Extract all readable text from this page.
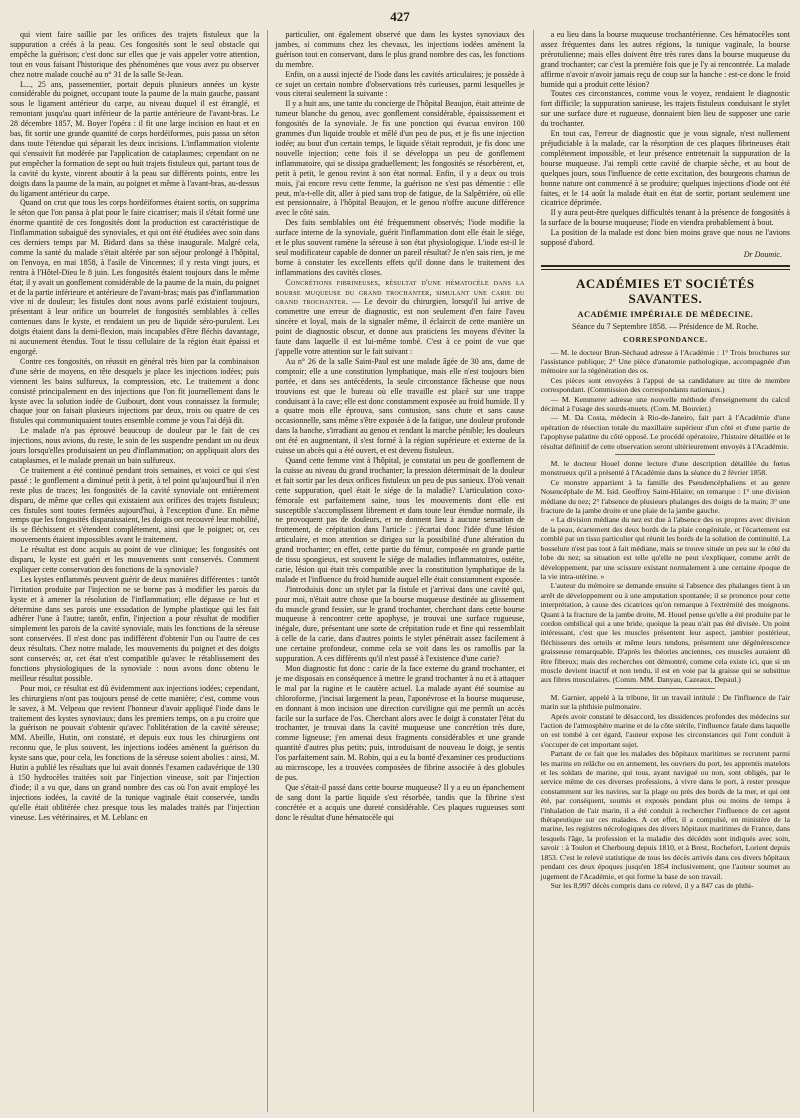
427

qui vient faire saillie par les orifices des trajets fistuleux que la suppuration a créés à la peau. Ces fongosités sont le seul obstacle qui empêche la guérison; c'est donc sur elles que je vais appeler votre attention, tout en vous faisant l'historique des phénomènes que vous avez pu observer chez notre malade couché au n° 31 de la salle St-Jean.

L..., 25 ans, passementier, portait depuis plusieurs années un kyste considérable du poignet, occupant toute la paume de la main gauche, passant sous le ligament antérieur du carpe, au niveau duquel il est étranglé, et remontant jusqu'au quart inférieur de la partie antérieure de l'avant-bras. Le 28 décembre 1857, M. Boyer l'opéra : il fit une large incision en haut et en bas, fit sortir une grande quantité de corps hordéiformes, puis passa un séton dans toute l'étendue qui séparait les deux incisions. L'inflammation violente qui s'ensuivit fut modérée par l'application de cataplasmes; cependant on ne put empêcher la formation de sept ou huit trajets fistuleux qui, partant tous de la cavité du kyste, vinrent aboutir à la peau sur différents points, entre les doigts dans la paume de la main, au poignet et même à l'avant-bras, au-dessus du ligament antérieur du carpe.

Quand on crut que tous les corps hordéiformes étaient sortis, on supprima le séton que l'on pansa à plat pour le faire cicatriser; mais il s'était formé une énorme quantité de ces fongosités dont la production est caractéristique de l'inflammation subaiguë des synoviales, et qui ont été étudiées avec soin dans ces derniers temps par M. Bidard dans sa thèse inaugurale. Malgré cela, comme la santé du malade s'était altérée par son séjour prolongé à l'hôpital, on l'envoya, en mai 1858, à l'asile de Vincennes; il y resta vingt jours, et rentra à l'Hôtel-Dieu le 8 juin. Les fongosités étaient toujours dans le même état; il y avait un gonflement considérable de la paume de la main, du poignet et de la partie inférieure et antérieure de l'avant-bras; mais pas d'inflammation vive ni de douleur; les fistules dont nous avons parlé existaient toujours, présentant à leur orifice un bourrelet de fongosités semblables à celles contenues dans le kyste, et rendaient un peu de liquide séro-purulent. Les doigts étaient dans la demi-flexion, mais incapables d'être fléchis davantage, ni aucunement étendus. Tout le tissu cellulaire de la région était épaissi et engorgé.

Contre ces fongosités, on réussit en général très bien par la combinaison d'une série de moyens, en tête desquels je place les injections iodées; puis viennent les bains sulfureux, la compression, etc. Le traitement a donc consisté principalement en des injections que l'on fit journellement dans le kyste avec la solution iodée de Guibourt, dont vous connaissez la formule; chaque jour on faisait plusieurs injections par deux, trois ou quatre de ces fistules qui communiquaient toutes ensemble comme je vous l'ai déjà dit.

Le malade n'a pas éprouvé beaucoup de douleur par le fait de ces injections, nous avions, du reste, le soin de les suspendre pendant un ou deux jours lorsqu'elles produisaient un peu d'inflammation; on appliquait alors des cataplasmes, et le malade prenait un bain sulfureux.

Ce traitement a été continué pendant trois semaines, et voici ce qui s'est passé : le gonflement a diminué petit à petit, à tel point qu'aujourd'hui il n'en reste plus de traces; les fongosités de la cavité synoviale ont entièrement disparu, de même que celles qui existaient aux orifices des trajets fistuleux; ces fistules sont toutes fermées aujourd'hui, à l'exception d'une. En même temps que les fongosités disparaissaient, les doigts ont recouvré leur mobilité, ils se fléchissent et s'étendent complétement, ainsi que le poignet; or, ces mouvements étaient impossibles avant le traitement.

Le résultat est donc acquis au point de vue clinique; les fongosités ont disparu, le kyste est guéri et les mouvements sont conservés. Comment expliquer cette conservation des fonctions de la synoviale?

Les kystes enflammés peuvent guérir de deux manières différentes : tantôt l'irritation produite par l'injection ne se borne pas à modifier les parois du kyste et à amener la résolution de l'inflammation; elle dépasse ce but et détermine dans ses parois une exsudation de lymphe plastique qui les fait adhérer l'une à l'autre; tantôt, enfin, l'injection a pour résultat de modifier simplement les parois de la cavité synoviale, mais les fonctions de la séreuse sont conservées. Il n'est donc pas indifférent d'obtenir l'un ou l'autre de ces deux résultats. Chez notre malade, les mouvements du poignet et des doigts sont conservés; or, cet état n'est compatible qu'avec le rétablissement des fonctions physiologiques de la synoviale : nous avons donc obtenu le meilleur résultat possible.

Pour moi, ce résultat est dû évidemment aux injections iodées; cependant, les chirurgiens n'ont pas toujours pensé de cette manière; c'est, comme vous le savez, à M. Velpeau que revient l'honneur d'avoir appliqué l'iode dans le traitement des kystes synoviaux; dans les premiers temps, on a pu croire que la guérison ne pouvait s'obtenir qu'avec l'oblitération de la cavité séreuse; MM. Abeille, Hutin, ont constaté, et depuis eux tous les chirurgiens ont reconnu que, le plus souvent, les injections iodées amènent la guérison du kyste sans que, pour cela, les fonctions de la séreuse soient abolies : ainsi, M. Hutin a publié les résultats que lui avait donnés l'examen cadavérique de 130 à 150 hydrocèles traitées soit par l'injection vineuse, soit par l'injection d'iode; il a vu que, dans un grand nombre des cas où l'on avait employé les injections iodées, la cavité de la tunique vaginale était conservée, tandis qu'elle était oblitérée chez presque tous les malades traités par l'injection vineuse. Les vétérinaires, et M. Leblanc en

particulier, ont également observé que dans les kystes synoviaux des jambes, si communs chez les chevaux, les injections iodées amènent la guérison tout en conservant, dans le plus grand nombre des cas, les fonctions du membre.

Enfin, on a aussi injecté de l'iode dans les cavités articulaires; je possède à ce sujet un certain nombre d'observations très curieuses, parmi lesquelles je vous citerai seulement la suivante :

Il y a huit ans, une tante du concierge de l'hôpital Beaujon, était atteinte de tumeur blanche du genou, avec gonflement considérable, épaississement et fongosités de la synoviale. Je fis une ponction qui évacua environ 100 grammes d'un liquide trouble et mêlé d'un peu de pus, et je fis une injection iodée; au bout d'un certain temps, le liquide s'était reproduit, je fis donc une nouvelle injection; cette fois il se développa un peu de gonflement inflammatoire, qui se dissipa graduellement; les fongosités se résorbèrent, et, petit à petit, le genou revint à son état normal. Enfin, il y a deux ou trois mois, j'ai encore revu cette femme, la guérison ne s'est pas démentie : elle peut, m'a-t-elle dit, aller à pied sans trop de fatigue, de la Salpêtrière, où elle est pensionnaire, à l'hôpital Beaujon, et le genou n'offre aucune différence avec le côté sain.

Des faits semblables ont été fréquemment observés; l'iode modifie la surface interne de la synoviale, guérit l'inflammation dont elle était le siége, et le plus souvent ramène la séreuse à son état physiologique. L'iode est-il le seul modificateur capable de donner un pareil résultat? Je n'en sais rien, je me borne à constater les excellents effets qu'il donne dans le traitement des inflammations des cavités closes.

Concrétions fibrineuses, résultat d'une hématocèle dans la bourse muqueuse du grand trochanter, simulant une carie du grand trochanter. — Le devoir du chirurgien, lorsqu'il lui arrive de commettre une erreur de diagnostic, est non seulement d'en faire l'aveu sincère et loyal, mais de la signaler même, il éclaircit de cette manière un point de diagnostic obscur, et donne aux praticiens les moyens d'éviter la faute dans laquelle il est lui-même tombé. C'est à ce point de vue que j'appelle votre attention sur le fait suivant :

Au n° 26 de la salle Saint-Paul est une malade âgée de 30 ans, dame de comptoir; elle a une constitution lymphatique, mais elle n'est toujours bien portée, et dans ses antécédents, la seule circonstance fâcheuse que nous trouvions est que le bureau où elle travaille est placé sur une trappe conduisant à la cave; elle est donc constamment exposée au froid humide. Il y a quatre mois elle éprouva, sans contusion, sans chute et sans cause occasionnelle, sans même s'être exposée à de la fatigue, une douleur profonde dans la hanche, s'irradiant au genou et rendant la marche pénible; les douleurs ont été en augmentant, il s'est formé à la région supérieure et externe de la cuisse un abcès qui a été ouvert, et est devenu fistuleux.

Quand cette femme vint à l'hôpital, je constatai un peu de gonflement de la cuisse au niveau du grand trochanter; la pression déterminait de la douleur et fait sortir par les deux orifices fistuleux un peu de pus sanieux. D'où venait cette suppuration, quel était le siége de la maladie? L'articulation coxo-fémorale est parfaitement saine, tous les mouvements dont elle est susceptible s'accomplissent librement et dans toute leur étendue normale, ils ne provoquent pas de douleurs, et ne donnent lieu à aucune sensation de frottement, de crépitation dans l'article : j'écartai donc l'idée d'une lésion articulaire, et mon attention se dirigea sur la possibilité d'une altération du grand trochanter; en effet, cette partie du fémur, composée en grande partie de tissu spongieux, est souvent le siége de maladies inflammatoires, ostéite, carie, lésion qui était très compatible avec la constitution lymphatique de la malade et l'influence du froid humide auquel elle était constamment exposée.

J'introduisis donc un stylet par la fistule et j'arrivai dans une cavité qui, pour moi, n'était autre chose que la bourse muqueuse destinée au glissement du muscle grand fessier, sur le grand trochanter, cherchant dans cette bourse muqueuse à rencontrer cette apophyse, je trouvai une surface rugueuse, inégale, dure, présentant une sorte de crépitation rude et fine qui ressemblait à celle de la carie, dans d'autres points le stylet pénétrait assez facilement à une certaine profondeur, comme cela se voit dans les os ramollis par la suppuration. A ces différents qu'il n'est passé à l'existence d'une carie?

Mon diagnostic fut donc : carie de la face externe du grand trochanter, et je me disposais en conséquence à mettre le grand trochanter à nu et à attaquer le mal par la rugine et le cautère actuel. La malade ayant été soumise au chloroforme, j'incisai largement la peau, l'aponévrose et la bourse muqueuse, en donnant à mon incision une direction curviligne qui me permît un accès facile sur la surface de l'os. Cherchant alors avec le doigt à constater l'état du trochanter, je trouvai dans la cavité muqueuse une concrétion très dure, comme ligneuse; j'en amenai deux fragments considérables et une grande quantité d'autres plus petits; puis, introduisant de nouveau le doigt, je sentis l'os parfaitement sain. M. Robin, qui a eu la bonté d'examiner ces productions au microscope, les a trouvées composées de fibrine associée à des globules de pus.

Que s'était-il passé dans cette bourse muqueuse? Il y a eu un épanchement de sang dont la partie liquide s'est résorbée, tandis que la fibrine s'est concrétée et a acquis une dureté considérable. Ces plaques rugueuses sont donc le résultat d'une hématocèle qui

a eu lieu dans la bourse muqueuse trochantérienne. Ces hématocèles sont assez fréquentes dans les autres régions, la tunique vaginale, la bourse prérotulienne; mais elles doivent être très rares dans la bourse muqueuse du grand trochanter; car c'est la première fois que je l'y ai rencontrée. La malade affirme n'avoir n'avoir jamais reçu de coup sur la hanche : est-ce donc le froid humide qui a produit cette lésion?

Toutes ces circonstances, comme vous le voyez, rendaient le diagnostic fort difficile; la suppuration sanieuse, les trajets fistuleux conduisant le stylet sur une surface dure et rugueuse, donnaient bien lieu de supposer une carie du trochanter.

En tout cas, l'erreur de diagnostic que je vous signale, n'est nullement préjudiciable à la malade, car la résorption de ces plaques fibrineuses était complétement impossible, et leur présence entretenait la suppuration de la bourse muqueuse. J'ai rempli cette cavité de charpie sèche, et au bout de quelques jours, sous l'influence de cette excitation, des bourgeons charnus de bonne nature ont commencé à se produire; quelques injections d'iode ont été faites, et le 14 août la malade était en état de sortir, portant seulement une cicatrice déprimée.

Il y aura peut-être quelques difficultés tenant à la présence de fongosités à la surface de la bourse muqueuse; l'iode en viendra probablement à bout.

La position de la malade est donc bien moins grave que nous ne l'avions supposé d'abord.

Dr Doumic.

ACADÉMIES ET SOCIÉTÉS SAVANTES.
ACADÉMIE IMPÉRIALE DE MÉDECINE.
Séance du 7 Septembre 1858. — Présidence de M. Roche.
CORRESPONDANCE.

— M. le docteur Brun-Séchaud adresse à l'Académie : 1° Trois brochures sur l'assistance publique; 2° Une pièce d'anatomie pathologique, accompagnée d'un mémoire sur la régénération des os.

Ces pièces sont envoyées à l'appui de sa candidature au titre de membre correspondant. (Commission des correspondants nationaux.)

— M. Kemmerer adresse une nouvelle méthode d'enseignement du calcul décimal à l'usage des sourds-muets. (Com. M. Bouvier.)

— M. Da Costa, médecin à Rio-de-Janeiro, fait part à l'Académie d'une opération de résection totale du maxillaire supérieur d'un côté et d'une partie de l'apophyse palatine du côté opposé. Le procédé opératoire, l'histoire détaillée et le résultat définitif de cette observation seront ultérieurement envoyés à l'Académie.

M. le docteur Houel donne lecture d'une description détaillée du fœtus monstrueux qu'il a présenté à l'Académie dans la séance du 2 février 1858.

Ce monstre appartient à la famille des Pseudencéphaliens et au genre Nosencéphale de M. Isid. Geoffroy Saint-Hilaire; on remarque : 1° une division médiane du nez; 2° l'absence de plusieurs phalanges des doigts de la main; 3° une fracture de la jambe droite et une plaie de la jambe gauche.

« La division médiane du nez est due à l'absence des os propres avec division de la peau, écartement des deux bords de la plaie congénitale, et l'écartement est comblé par un tissu particulier qui réunit les bords de la solution de continuité. La bosselure n'est pas tout à fait médiane, mais se trouve située un peu sur le côté du lobe du nez; sa situation est telle qu'elle ne peut s'expliquer, comme arrêt de développement, par une scissure existant normalement à une certaine époque de la vie intra-utérine. »

L'auteur du mémoire se demande ensuite si l'absence des phalanges tient à un arrêt de développement ou à une amputation spontanée; il se prononce pour cette interprétation, à cause des cicatrices qu'on remarque à l'extrémité des moignons. Quant à la fracture de la jambe droite, M. Houel pense qu'elle a été produite par le cordon ombilical qui a une bride, quoique la peau n'ait pas été divisée. Un point intéressant, c'est que les muscles présentent leur aspect, jambier postérieur, fléchisseurs des orteils et même leurs tendons, présentent une dégénérescence graisseuse remarquable. D'après les théories anciennes, ces muscles auraient dû être fibreux; mais des recherches ont démontré, comme cela existe ici, que si un muscle devient inactif et non tendu, il est en voie par la graisse qui se substitue aux fibres musculaires. (Comm. MM. Danyau, Cazeaux, Depaul.)

M. Garnier, appelé à la tribune, lit un travail intitulé : De l'influence de l'air marin sur la phthisie pulmonaire.

Après avoir constaté le désaccord, les dissidences profondes des médecins sur l'action de l'atmosphère marine et de la côte stérile, l'influence fatale dans laquelle on est tombé à cet égard, l'auteur expose les circonstances qui l'ont conduit à s'occuper de cet important sujet.

Partant de ce fait que les malades des hôpitaux maritimes se recrutent parmi les marins en relâche ou en armement, les ouvriers du port, les apprentis matelots et les soldats de marine, qui tous, ayant navigué ou non, sont obligés, par le service même de ces diverses professions, à vivre dans le port, à rester presque constamment sur les navires, sur la plage ou près des bords de la mer, et qui ont été, par conséquent, soumis et exposés pendant plus ou moins de temps à l'inhalation de l'air marin, il a été conduit à rechercher l'influence de cet agent thérapeutique sur ces malades. A cet effet, il a compulsé, en ministère de la marine, les registres nécrologiques des divers hôpitaux maritimes de France, dans lesquels l'âge, la profession et la maladie des décédés sont indiqués avec soin, savoir : à Toulon et Cherbourg depuis 1810, et à Brest, Rochefort, Lorient depuis 1853. C'est le relevé statistique de tous les décès arrivés dans ces divers hôpitaux pendant ces deux époques jusqu'en 1854 inclusivement, que l'auteur soumet au jugement de l'Académie, et qui forme la base de son travail.

Sur les 8,997 décès compris dans ce relevé, il y a 847 cas de phthi-
